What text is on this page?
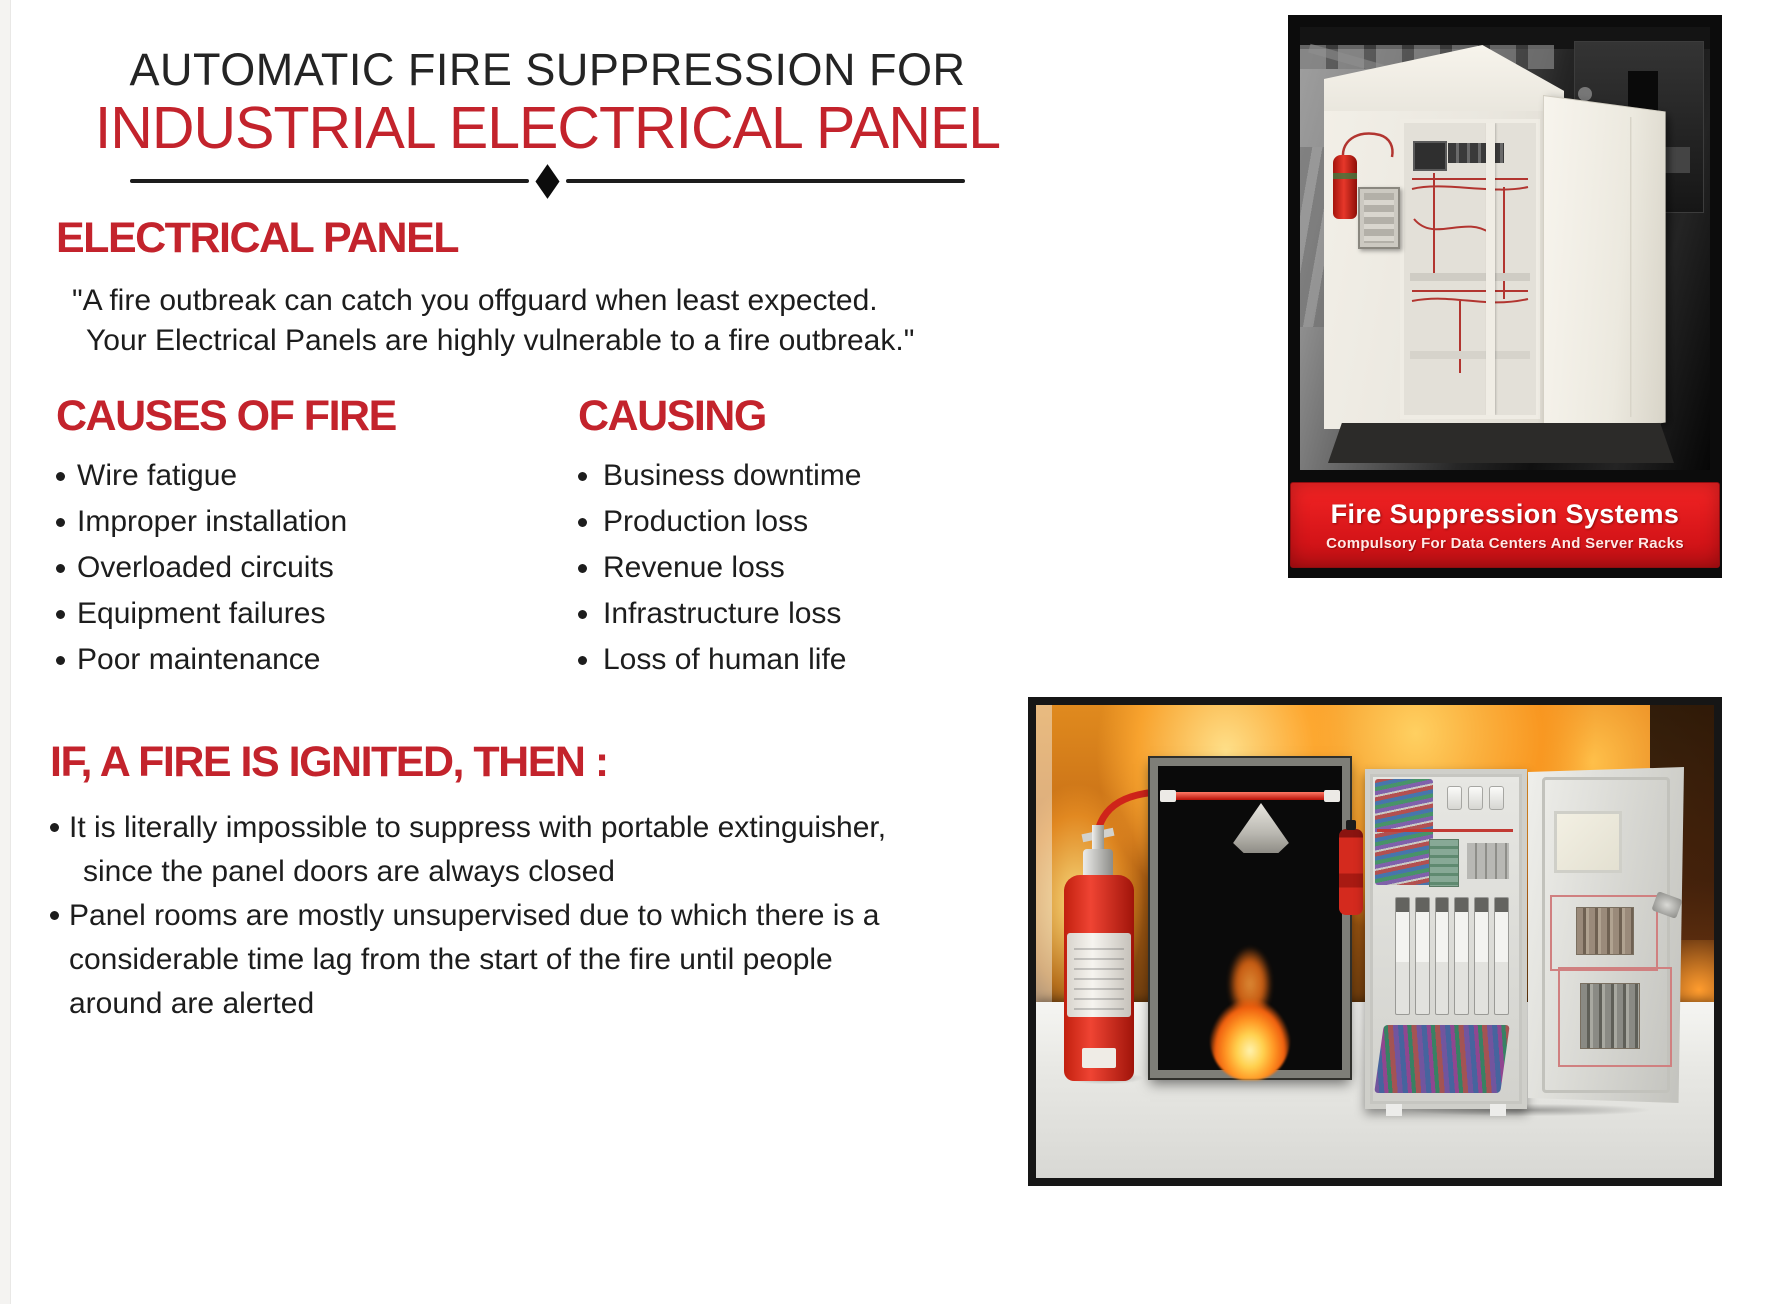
AUTOMATIC FIRE SUPPRESSION FOR
INDUSTRIAL ELECTRICAL PANEL
ELECTRICAL PANEL
"A fire outbreak can catch you offguard when least expected.
Your Electrical Panels are highly vulnerable to a fire outbreak."
CAUSES OF FIRE
Wire fatigue
Improper installation
Overloaded circuits
Equipment failures
Poor maintenance
CAUSING
Business downtime
Production loss
Revenue loss
Infrastructure loss
Loss of human life
IF, A FIRE IS IGNITED, THEN :
It is literally impossible to suppress with portable extinguisher,
since the panel doors are always closed
Panel rooms are mostly unsupervised due to which there is a
considerable time lag from the start of the fire until people
around are alerted
Fire Suppression Systems
Compulsory For Data Centers And Server Racks
